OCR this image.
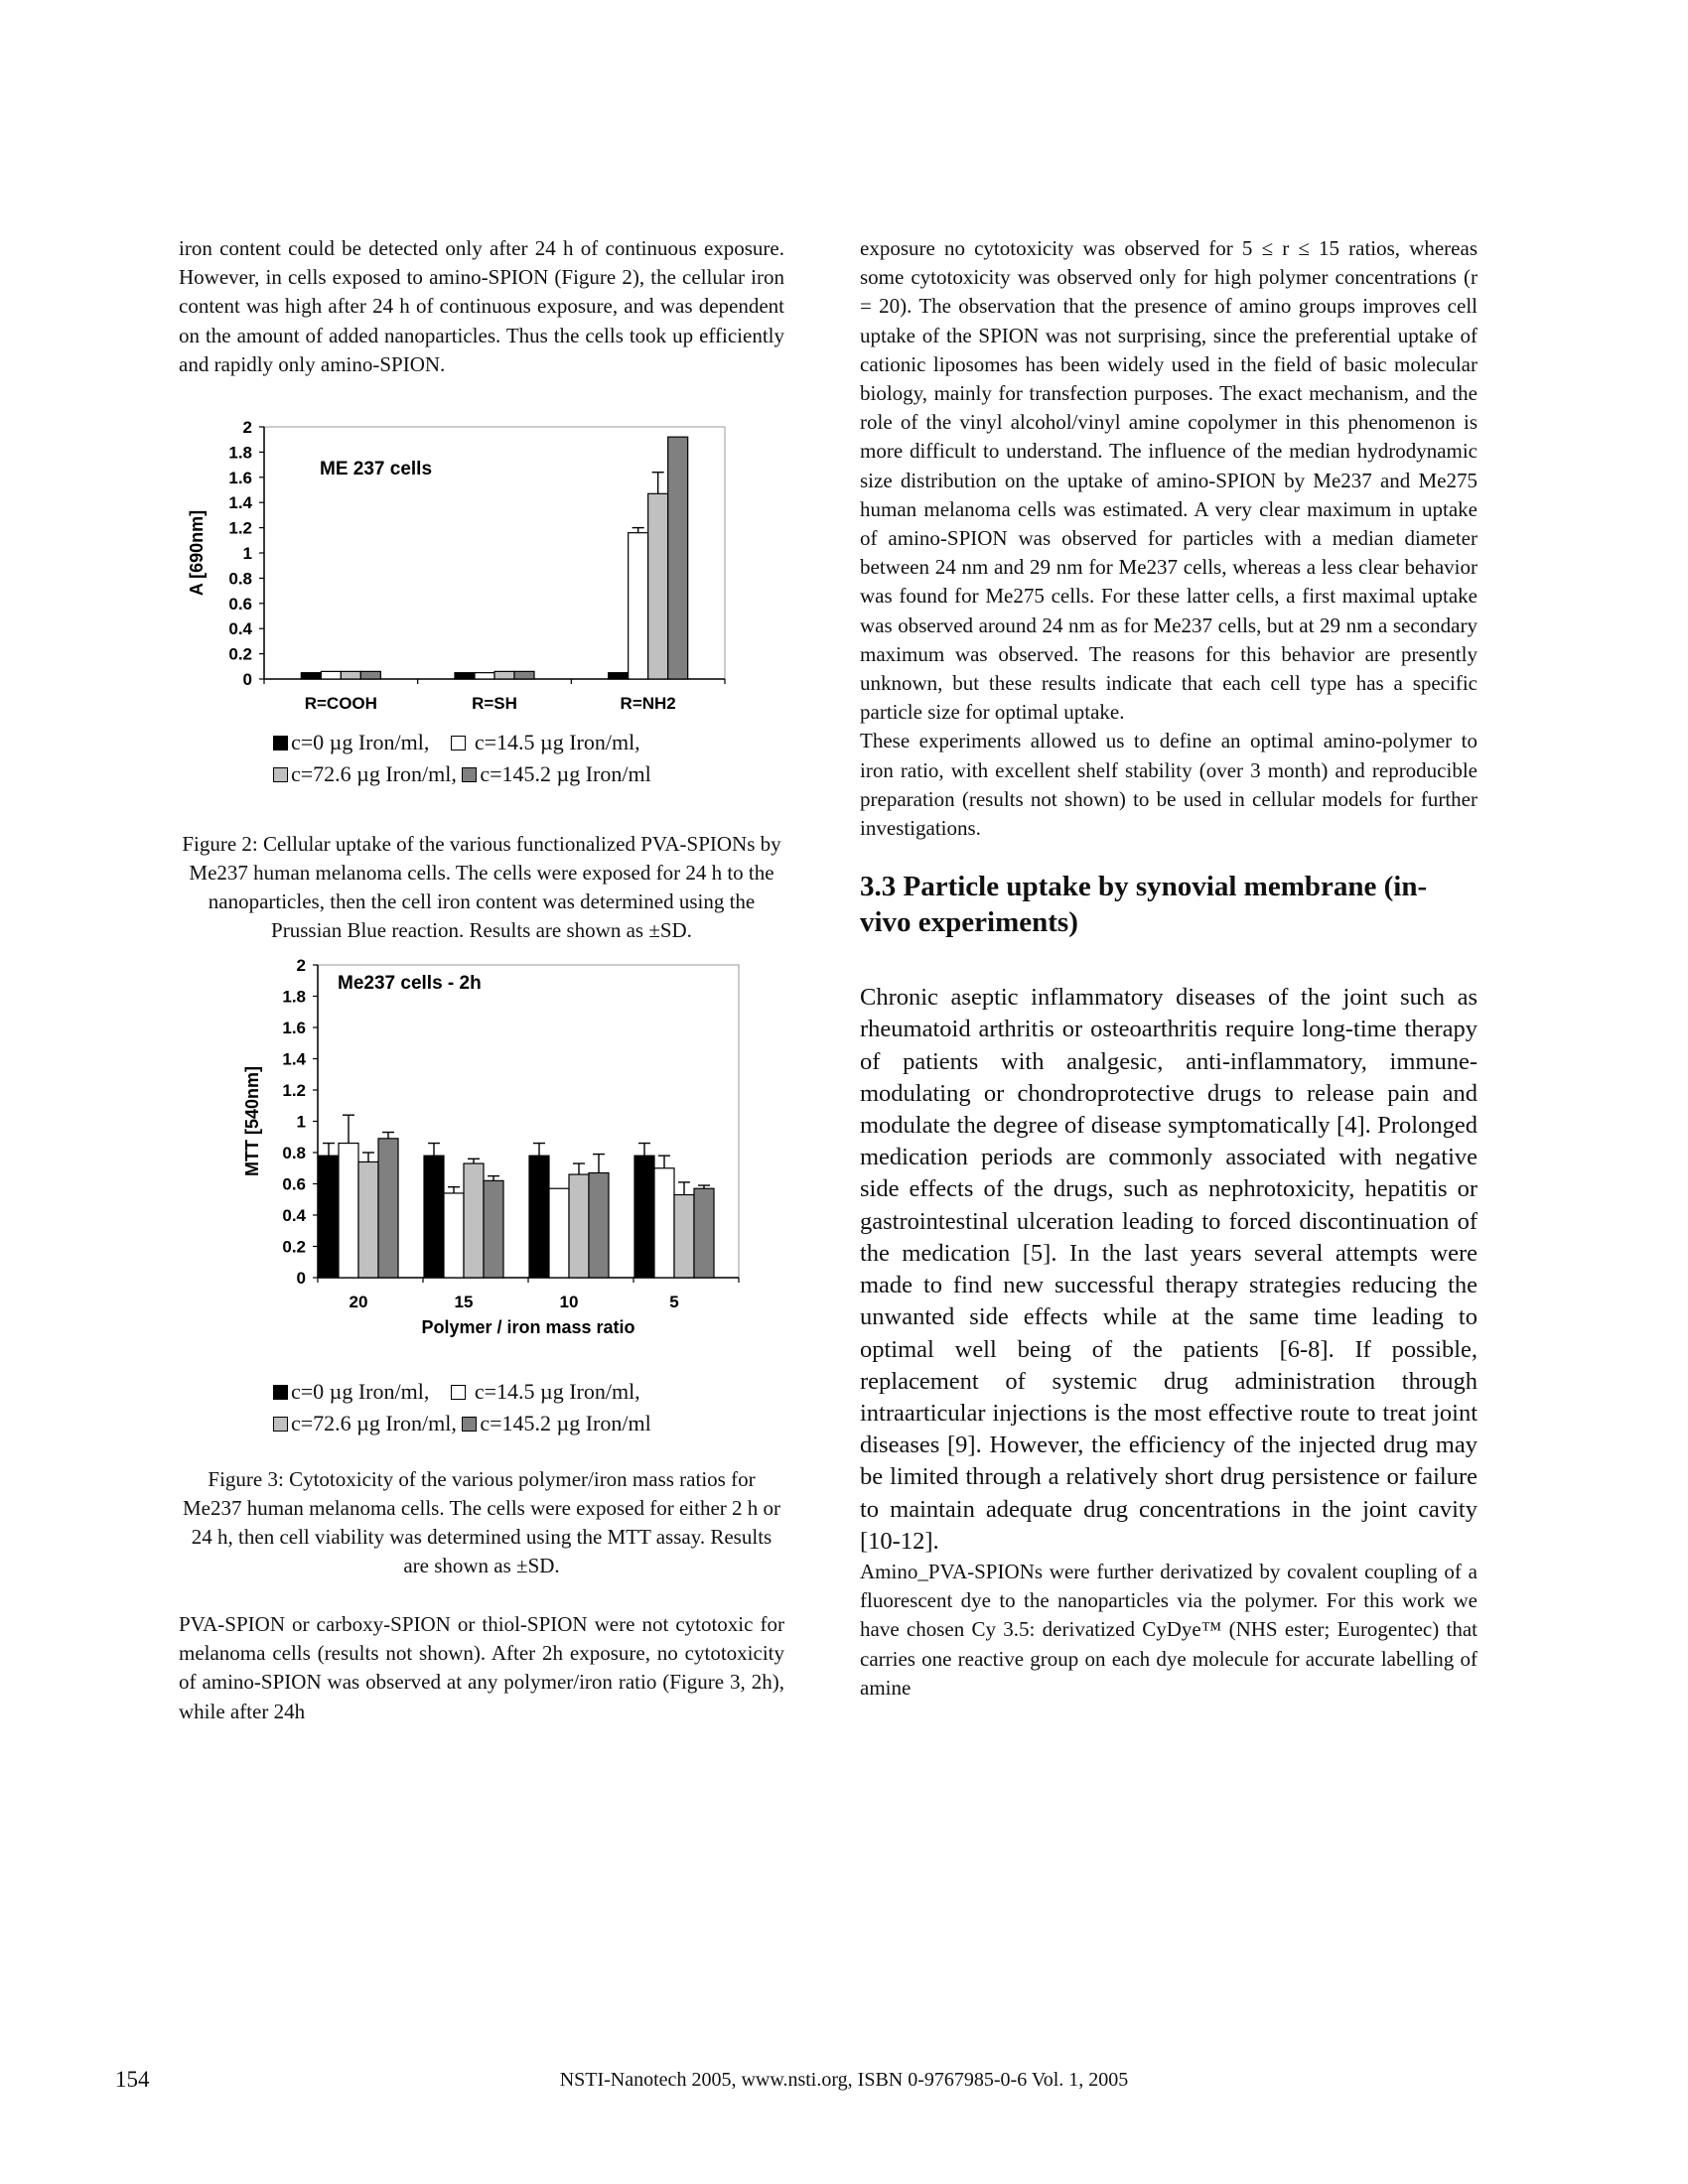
iron content could be detected only after 24 h of continuous exposure. However, in cells exposed to amino-SPION (Figure 2), the cellular iron content was high after 24 h of continuous exposure, and was dependent on the amount of added nanoparticles. Thus the cells took up efficiently and rapidly only amino-SPION.

0
0.2
0.4
0.6
0.8
1
1.2
1.4
1.6
1.8
2
R=COOH	R=SH	R=NH2
ME 237 cells
A [690nm]
c=0 µg Iron/ml, c=14.5 µg Iron/ml,
c=72.6 µg Iron/ml, c=145.2 µg Iron/ml

Figure 2: Cellular uptake of the various functionalized PVA-SPIONs by Me237 human melanoma cells. The cells were exposed for 24 h to the nanoparticles, then the cell iron content was determined using the Prussian Blue reaction. Results are shown as ±SD.

0
0.2
0.4
0.6
0.8
1
1.2
1.4
1.6
1.8
2
20	15	10	5
Me237 cells - 2h
MTT [540nm]
Polymer / iron mass ratio
c=0 µg Iron/ml, c=14.5 µg Iron/ml,
c=72.6 µg Iron/ml, c=145.2 µg Iron/ml

Figure 3: Cytotoxicity of the various polymer/iron mass ratios for Me237 human melanoma cells. The cells were exposed for either 2 h or 24 h, then cell viability was determined using the MTT assay. Results are shown as ±SD.

PVA-SPION or carboxy-SPION or thiol-SPION were not cytotoxic for melanoma cells (results not shown). After 2h exposure, no cytotoxicity of amino-SPION was observed at any polymer/iron ratio (Figure 3, 2h), while after 24h

exposure no cytotoxicity was observed for 5 ≤ r ≤ 15 ratios, whereas some cytotoxicity was observed only for high polymer concentrations (r = 20). The observation that the presence of amino groups improves cell uptake of the SPION was not surprising, since the preferential uptake of cationic liposomes has been widely used in the field of basic molecular biology, mainly for transfection purposes. The exact mechanism, and the role of the vinyl alcohol/vinyl amine copolymer in this phenomenon is more difficult to understand. The influence of the median hydrodynamic size distribution on the uptake of amino-SPION by Me237 and Me275 human melanoma cells was estimated. A very clear maximum in uptake of amino-SPION was observed for particles with a median diameter between 24 nm and 29 nm for Me237 cells, whereas a less clear behavior was found for Me275 cells. For these latter cells, a first maximal uptake was observed around 24 nm as for Me237 cells, but at 29 nm a secondary maximum was observed. The reasons for this behavior are presently unknown, but these results indicate that each cell type has a specific particle size for optimal uptake.

These experiments allowed us to define an optimal amino-polymer to iron ratio, with excellent shelf stability (over 3 month) and reproducible preparation (results not shown) to be used in cellular models for further investigations.

3.3 Particle uptake by synovial membrane (in-vivo experiments)

Chronic aseptic inflammatory diseases of the joint such as rheumatoid arthritis or osteoarthritis require long-time therapy of patients with analgesic, anti-inflammatory, immune-modulating or chondroprotective drugs to release pain and modulate the degree of disease symptomatically [4]. Prolonged medication periods are commonly associated with negative side effects of the drugs, such as nephrotoxicity, hepatitis or gastrointestinal ulceration leading to forced discontinuation of the medication [5]. In the last years several attempts were made to find new successful therapy strategies reducing the unwanted side effects while at the same time leading to optimal well being of the patients [6-8]. If possible, replacement of systemic drug administration through intraarticular injections is the most effective route to treat joint diseases [9]. However, the efficiency of the injected drug may be limited through a relatively short drug persistence or failure to maintain adequate drug concentrations in the joint cavity [10-12].

Amino_PVA-SPIONs were further derivatized by covalent coupling of a fluorescent dye to the nanoparticles via the polymer. For this work we have chosen Cy 3.5: derivatized CyDye™ (NHS ester; Eurogentec) that carries one reactive group on each dye molecule for accurate labelling of amine

154	NSTI-Nanotech 2005, www.nsti.org, ISBN 0-9767985-0-6 Vol. 1, 2005
